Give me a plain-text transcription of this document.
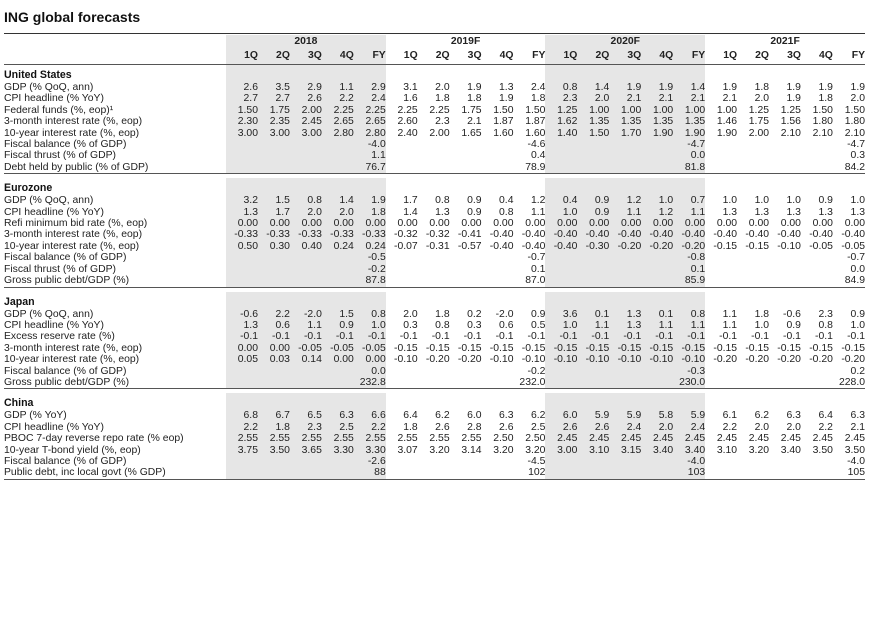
ING global forecasts
	2018					2019F					2020F					2021F				
	1Q	2Q	3Q	4Q	FY	1Q	2Q	3Q	4Q	FY	1Q	2Q	3Q	4Q	FY	1Q	2Q	3Q	4Q	FY

United States																				
GDP (% QoQ, ann)	2.6	3.5	2.9	1.1	2.9	3.1	2.0	1.9	1.3	2.4	0.8	1.4	1.9	1.9	1.4	1.9	1.8	1.9	1.9	1.9
CPI headline (% YoY)	2.7	2.7	2.6	2.2	2.4	1.6	1.8	1.8	1.9	1.8	2.3	2.0	2.1	2.1	2.1	2.1	2.0	1.9	1.8	2.0
Federal funds (%, eop)¹	1.50	1.75	2.00	2.25	2.25	2.25	2.25	1.75	1.50	1.50	1.25	1.00	1.00	1.00	1.00	1.00	1.25	1.25	1.50	1.50
3-month interest rate (%, eop)	2.30	2.35	2.45	2.65	2.65	2.60	2.3	2.1	1.87	1.87	1.62	1.35	1.35	1.35	1.35	1.46	1.75	1.56	1.80	1.80
10-year interest rate (%, eop)	3.00	3.00	3.00	2.80	2.80	2.40	2.00	1.65	1.60	1.60	1.40	1.50	1.70	1.90	1.90	1.90	2.00	2.10	2.10	2.10
Fiscal balance (% of GDP)					-4.0					-4.6					-4.7					-4.7
Fiscal thrust (% of GDP)					1.1					0.4					0.0					0.3
Debt held by public (% of GDP)					76.7					78.9					81.8					84.2

Eurozone																				
GDP (% QoQ, ann)	3.2	1.5	0.8	1.4	1.9	1.7	0.8	0.9	0.4	1.2	0.4	0.9	1.2	1.0	0.7	1.0	1.0	1.0	0.9	1.0
CPI headline (% YoY)	1.3	1.7	2.0	2.0	1.8	1.4	1.3	0.9	0.8	1.1	1.0	0.9	1.1	1.2	1.1	1.3	1.3	1.3	1.3	1.3
Refi minimum bid rate (%, eop)	0.00	0.00	0.00	0.00	0.00	0.00	0.00	0.00	0.00	0.00	0.00	0.00	0.00	0.00	0.00	0.00	0.00	0.00	0.00	0.00
3-month interest rate (%, eop)	-0.33	-0.33	-0.33	-0.33	-0.33	-0.32	-0.32	-0.41	-0.40	-0.40	-0.40	-0.40	-0.40	-0.40	-0.40	-0.40	-0.40	-0.40	-0.40	-0.40
10-year interest rate (%, eop)	0.50	0.30	0.40	0.24	0.24	-0.07	-0.31	-0.57	-0.40	-0.40	-0.40	-0.30	-0.20	-0.20	-0.20	-0.15	-0.15	-0.10	-0.05	-0.05
Fiscal balance (% of GDP)					-0.5					-0.7					-0.8					-0.7
Fiscal thrust (% of GDP)					-0.2					0.1					0.1					0.0
Gross public debt/GDP (%)					87.8					87.0					85.9					84.9

Japan																				
GDP (% QoQ, ann)	-0.6	2.2	-2.0	1.5	0.8	2.0	1.8	0.2	-2.0	0.9	3.6	0.1	1.3	0.1	0.8	1.1	1.8	-0.6	2.3	0.9
CPI headline (% YoY)	1.3	0.6	1.1	0.9	1.0	0.3	0.8	0.3	0.6	0.5	1.0	1.1	1.3	1.1	1.1	1.1	1.0	0.9	0.8	1.0
Excess reserve rate (%)	-0.1	-0.1	-0.1	-0.1	-0.1	-0.1	-0.1	-0.1	-0.1	-0.1	-0.1	-0.1	-0.1	-0.1	-0.1	-0.1	-0.1	-0.1	-0.1	-0.1
3-month interest rate (%, eop)	0.00	0.00	-0.05	-0.05	-0.05	-0.15	-0.15	-0.15	-0.15	-0.15	-0.15	-0.15	-0.15	-0.15	-0.15	-0.15	-0.15	-0.15	-0.15	-0.15
10-year interest rate (%, eop)	0.05	0.03	0.14	0.00	0.00	-0.10	-0.20	-0.20	-0.10	-0.10	-0.10	-0.10	-0.10	-0.10	-0.10	-0.20	-0.20	-0.20	-0.20	-0.20
Fiscal balance (% of GDP)					0.0					-0.2					-0.3					0.2
Gross public debt/GDP (%)					232.8					232.0					230.0					228.0

China																				
GDP (% YoY)	6.8	6.7	6.5	6.3	6.6	6.4	6.2	6.0	6.3	6.2	6.0	5.9	5.9	5.8	5.9	6.1	6.2	6.3	6.4	6.3
CPI headline (% YoY)	2.2	1.8	2.3	2.5	2.2	1.8	2.6	2.8	2.6	2.5	2.6	2.6	2.4	2.0	2.4	2.2	2.0	2.0	2.2	2.1
PBOC 7-day reverse repo rate (% eop)	2.55	2.55	2.55	2.55	2.55	2.55	2.55	2.55	2.50	2.50	2.45	2.45	2.45	2.45	2.45	2.45	2.45	2.45	2.45	2.45
10-year T-bond yield (%, eop)	3.75	3.50	3.65	3.30	3.30	3.07	3.20	3.14	3.20	3.20	3.00	3.10	3.15	3.40	3.40	3.10	3.20	3.40	3.50	3.50
Fiscal balance (% of GDP)					-2.6					-4.5					-4.0					-4.0
Public debt, inc local govt (% GDP)					88					102					103					105
